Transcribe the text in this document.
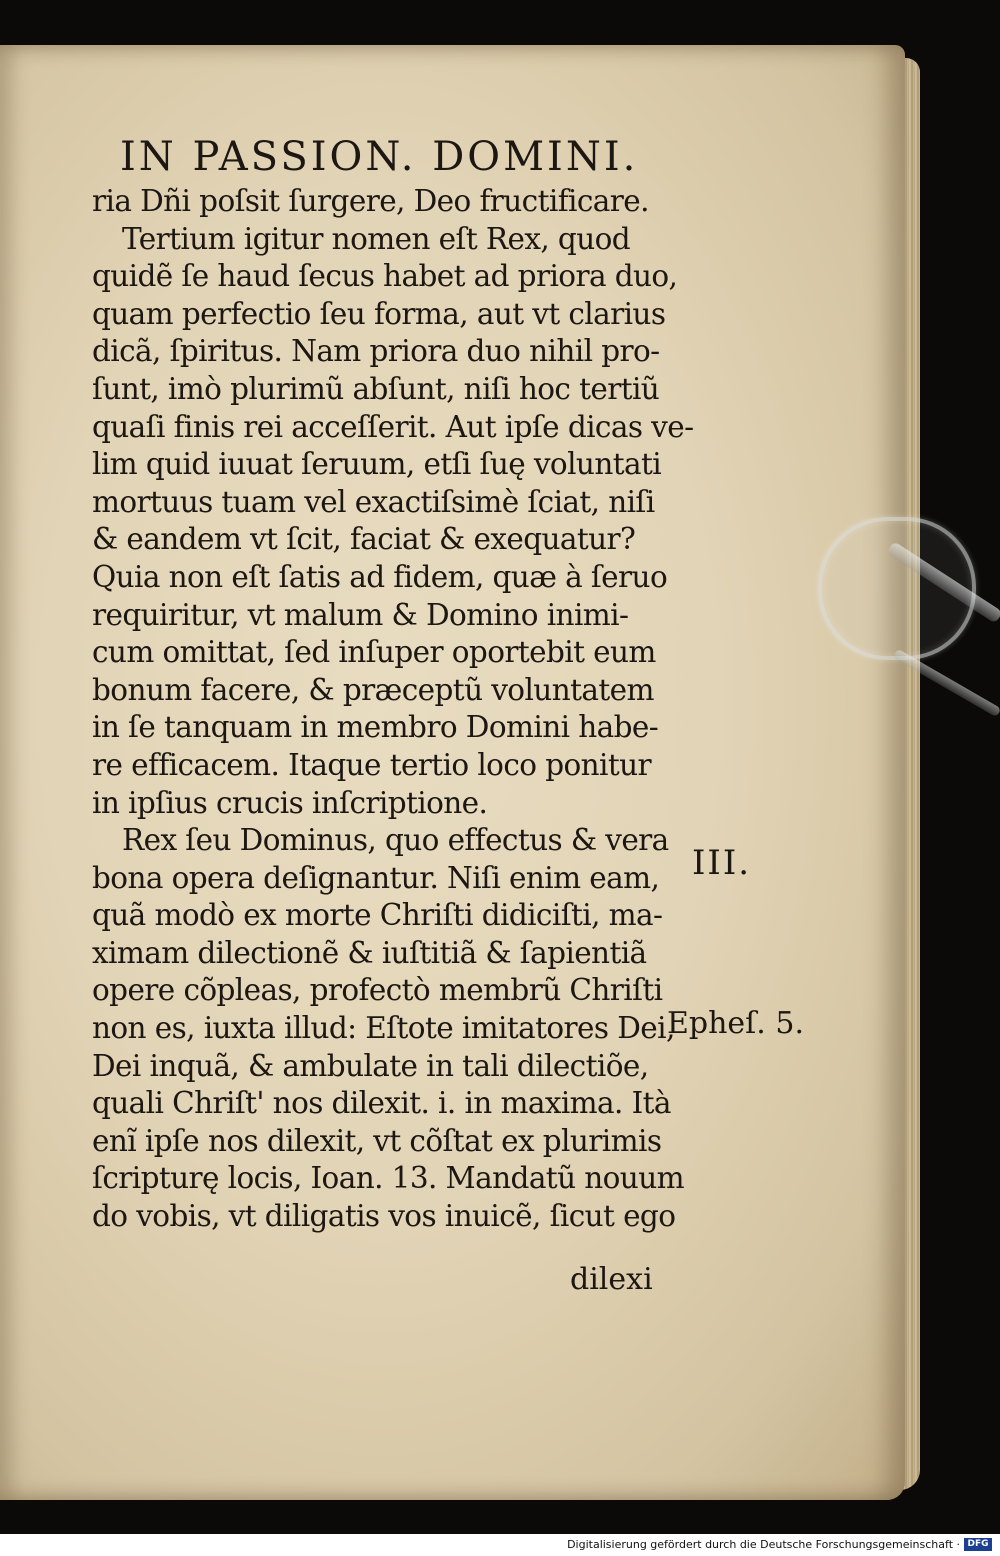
IN PASSION. DOMINI.
ria Dñi poſsit ſurgere, Deo fructificare.
Tertium igitur nomen eſt Rex, quod
quidẽ ſe haud ſecus habet ad priora duo,
quam perfectio ſeu forma, aut vt clarius
dicã, ſpiritus. Nam priora duo nihil pro-
ſunt, imò plurimũ abſunt, niſi hoc tertiũ
quaſi finis rei acceſſerit. Aut ipſe dicas ve-
lim quid iuuat ſeruum, etſi ſuę voluntati
mortuus tuam vel exactiſsimè ſciat, niſi
& eandem vt ſcit, faciat & exequatur?
Quia non eſt ſatis ad fidem, quæ à ſeruo
requiritur, vt malum & Domino inimi-
cum omittat, ſed inſuper oportebit eum
bonum facere, & præceptũ voluntatem
in ſe tanquam in membro Domini habe-
re efficacem. Itaque tertio loco ponitur
in ipſius crucis inſcriptione.
Rex ſeu Dominus, quo effectus & vera
bona opera deſignantur. Niſi enim eam,
quã modò ex morte Chriſti didiciſti, ma-
ximam dilectionẽ & iuſtitiã & ſapientiã
opere cõpleas, profectò membrũ Chriſti
non es, iuxta illud: Eſtote imitatores Dei,
Dei inquã, & ambulate in tali dilectiõe,
quali Chriſt' nos dilexit. i. in maxima. Ità
enĩ ipſe nos dilexit, vt cõſtat ex plurimis
ſcripturę locis, Ioan. 13. Mandatũ nouum
do vobis, vt diligatis vos inuicẽ, ſicut ego
dilexi
III.
Epheſ. 5.
Digitalisierung gefördert durch die Deutsche Forschungsgemeinschaft · DFG
